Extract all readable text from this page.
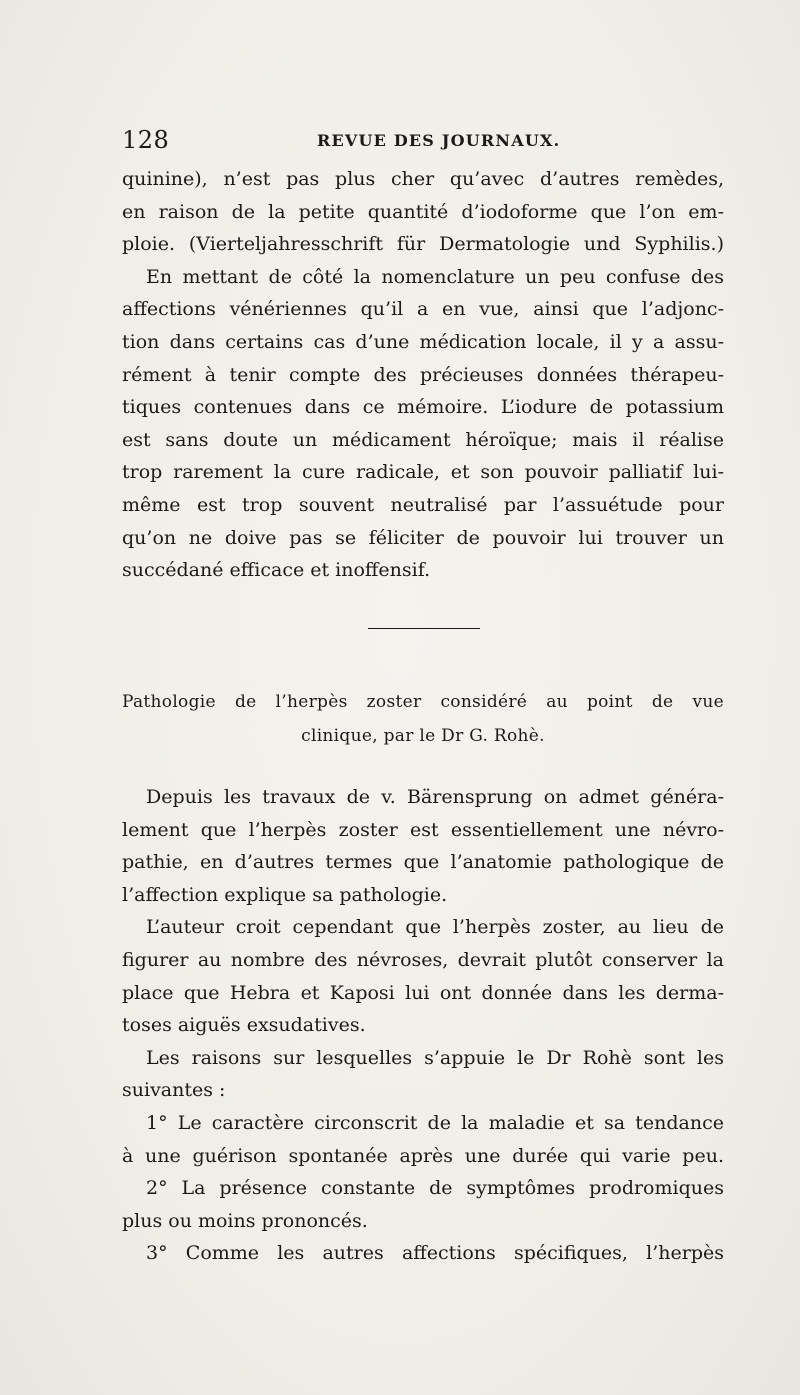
128	REVUE DES JOURNAUX.

quinine), n’est pas plus cher qu’avec d’autres remèdes,

en raison de la petite quantité d’iodoforme que l’on em-

ploie. (Vierteljahresschrift für Dermatologie und Syphilis.)

En mettant de côté la nomenclature un peu confuse des

affections vénériennes qu’il a en vue, ainsi que l’adjonc-

tion dans certains cas d’une médication locale, il y a assu-

rément à tenir compte des précieuses données thérapeu-

tiques contenues dans ce mémoire. L’iodure de potassium

est sans doute un médicament héroïque; mais il réalise

trop rarement la cure radicale, et son pouvoir palliatif lui-

même est trop souvent neutralisé par l’assuétude pour

qu’on ne doive pas se féliciter de pouvoir lui trouver un

succédané efficace et inoffensif.

Pathologie de l’herpès zoster considéré au point de vue

clinique, par le Dr G. Rohè.

Depuis les travaux de v. Bärensprung on admet généra-

lement que l’herpès zoster est essentiellement une névro-

pathie, en d’autres termes que l’anatomie pathologique de

l’affection explique sa pathologie.

L’auteur croit cependant que l’herpès zoster, au lieu de

figurer au nombre des névroses, devrait plutôt conserver la

place que Hebra et Kaposi lui ont donnée dans les derma-

toses aiguës exsudatives.

Les raisons sur lesquelles s’appuie le Dr Rohè sont les

suivantes :

1° Le caractère circonscrit de la maladie et sa tendance

à une guérison spontanée après une durée qui varie peu.

2° La présence constante de symptômes prodromiques

plus ou moins prononcés.

3° Comme les autres affections spécifiques, l’herpès
